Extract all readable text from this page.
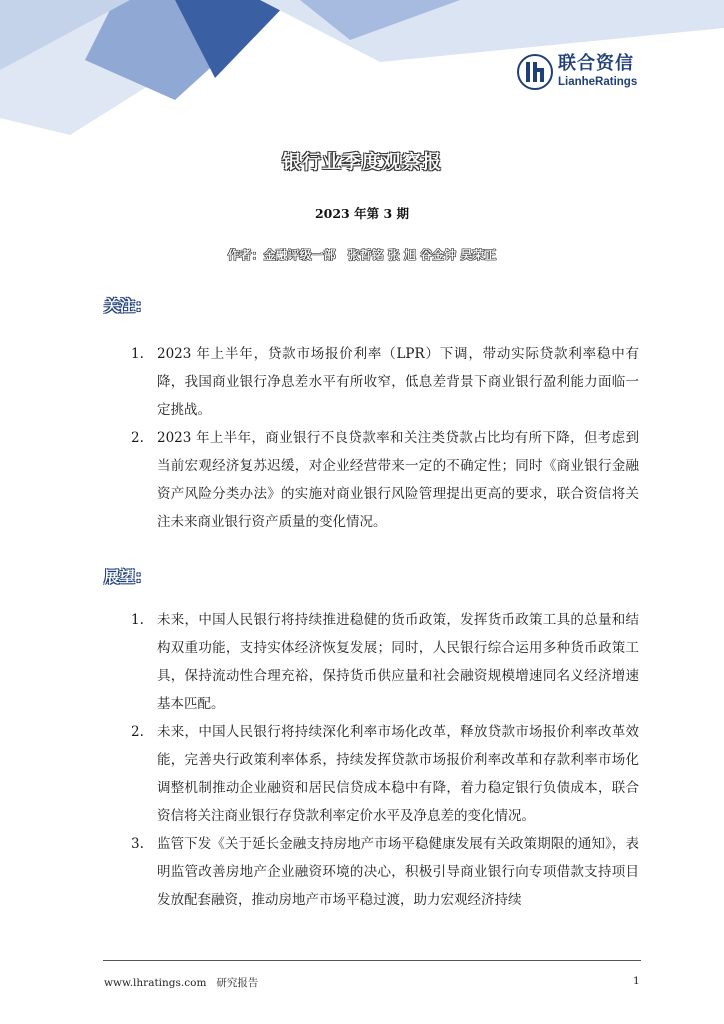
联合资信
LianheRatings
银行业季度观察报
2023 年第 3 期
作者：金融评级一部　张哲铭 张 旭 谷金钟 吴荣正
关注：
1. 2023 年上半年，贷款市场报价利率（LPR）下调，带动实际贷款利率稳中有降，我国商业银行净息差水平有所收窄，低息差背景下商业银行盈利能力面临一定挑战。
2. 2023 年上半年，商业银行不良贷款率和关注类贷款占比均有所下降，但考虑到当前宏观经济复苏迟缓，对企业经营带来一定的不确定性；同时《商业银行金融资产风险分类办法》的实施对商业银行风险管理提出更高的要求，联合资信将关注未来商业银行资产质量的变化情况。
展望：
1. 未来，中国人民银行将持续推进稳健的货币政策，发挥货币政策工具的总量和结构双重功能，支持实体经济恢复发展；同时，人民银行综合运用多种货币政策工具，保持流动性合理充裕，保持货币供应量和社会融资规模增速同名义经济增速基本匹配。
2. 未来，中国人民银行将持续深化利率市场化改革，释放贷款市场报价利率改革效能，完善央行政策利率体系，持续发挥贷款市场报价利率改革和存款利率市场化调整机制推动企业融资和居民信贷成本稳中有降，着力稳定银行负债成本，联合资信将关注商业银行存贷款利率定价水平及净息差的变化情况。
3. 监管下发《关于延长金融支持房地产市场平稳健康发展有关政策期限的通知》，表明监管改善房地产企业融资环境的决心，积极引导商业银行向专项借款支持项目发放配套融资，推动房地产市场平稳过渡，助力宏观经济持续
www.lhratings.com 研究报告	1
